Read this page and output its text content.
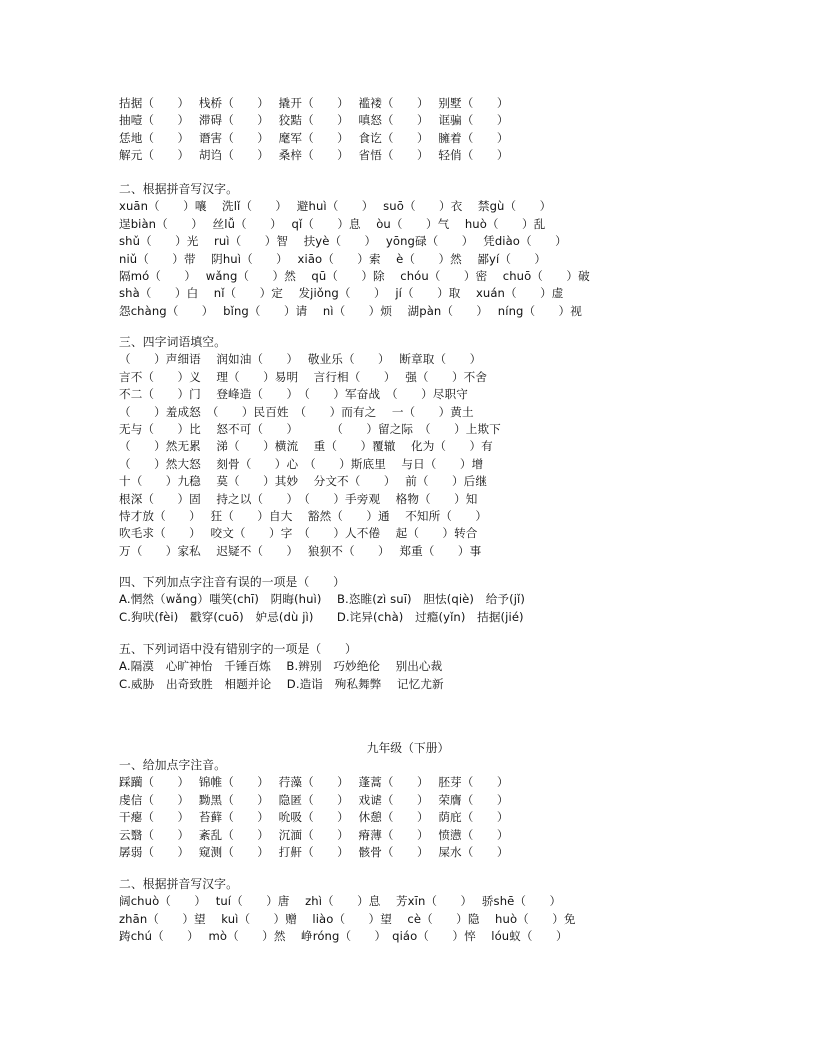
拮据（　　）　 栈桥（　　）　 撬开（　　）　 褴褛（　　）　 别墅（　　）
抽噎（　　）　 滞碍（　　）　 狡黠（　　）　 嗔怒（　　）　 诓骗（　　）
恁地（　　）　 谮害（　　）　 麾军（　　）　 食讫（　　）　 臃着（　　）
解元（　　）　 胡诌（　　）　 桑梓（　　）　 省悟（　　）　 轻俏（　　）
二、根据拼音写汉字。
xuān（　　）嚷　 洗lǐ（　　）　 避huì（　　）　 suō（　　）衣　 禁gù（　　）
逞biàn（　　）　 丝lǚ（　　）　 qǐ（　　）息　 òu（　　）气　 huò（　　）乱
shǔ（　　）光　 ruì（　　）智　 扶yè（　　）　 yōng碌（　　）　 凭diào（　　）
niǔ（　　）带　 阴huì（　　）　 xiāo（　　）索　 è（　　）然　 鄙yí（　　）
隔mó（　　）　 wǎng（　　）然　 qū（　　）除　 chóu（　　）密　 chuō（　　）破
shà（　　）白　 nǐ（　　）定　 发jiǒng（　　）　 jí（　　）取　 xuán（　　）虚
怨chàng（　　）　 bǐng（　　）请　 nì（　　）烦　 湖pàn（　　）　 níng（　　）视
三、四字词语填空。
（　　）声细语　 润如油（　　）　 敬业乐（　　）　 断章取（　　）
言不（　　）义　 理（　　）易明　 言行相（　　）　 强（　　）不舍
不二（　　）门　 登峰造（　　）　（　　）军奋战　（　　）尽职守
（　　）羞成怒　（　　）民百姓　（　　）而有之　 一（　　）黄土
无与（　　）比　 怒不可（　　）　　　 （　　）留之际　（　　）上欺下
（　　）然无累　 涕（　　）横流　 重（　　）覆辙　 化为（　　）有
（　　）然大怒　 刻骨（　　）心　（　　）斯底里　 与日（　　）增
十（　　）九稳　 莫（　　）其妙　 分文不（　　）　 前（　　）后继
根深（　　）固　 持之以（　　）　（　　）手旁观　 格物（　　）知
恃才放（　　）　 狂（　　）自大　 豁然（　　）通　 不知所（　　）
吹毛求（　　）　 咬文（　　）字　（　　）人不倦　 起（　　）转合
万（　　）家私　 迟疑不（　　）　 狼狈不（　　）　 郑重（　　）事
四、下列加点字注音有误的一项是（　　）
A.惘然（wǎng）嗤笑(chī)　阴晦(huì)　 B.恣睢(zì suī)　胆怯(qiè)　给予(jǐ)
C.狗吠(fèi)　戳穿(cuō)　妒忌(dù jì)　　D.诧异(chà)　过瘾(yǐn)　拮据(jié)
五、下列词语中没有错别字的一项是（　　）
A.隔漠　心旷神怡　千锤百炼　 B.辨别　巧妙绝伦　 别出心裁
C.威胁　出奇致胜　相题并论　 D.造诣　殉私舞弊　 记忆尤新
九年级（下册）
一、给加点字注音。
踩躏（　　）　 锦帷（　　）　 荇藻（　　）　 蓬蒿（　　）　 胚芽（　　）
虔信（　　）　 黝黑（　　）　 隐匿（　　）　 戏谑（　　）　 荣膺（　　）
干瘪（　　）　 苔藓（　　）　 吮吸（　　）　 休憩（　　）　 荫庇（　　）
云翳（　　）　 紊乱（　　）　 沉湎（　　）　 瘠薄（　　）　 愤懑（　　）
孱弱（　　）　 窥测（　　）　 打鼾（　　）　 骸骨（　　）　 屎水（　　）
二、根据拼音写汉字。
阔chuò（　　）　 tuí（　　）唐　 zhì（　　）息　 芳xīn（　　）　 骄shē（　　）
zhān（　　）望　 kuì（　　）赠　 liào（　　）望　 cè（　　）隐　 huò（　　）免
踌chú（　　）　 mò（　　）然　 峥róng（　　）　qiáo（　　）悴　 lóu蚁（　　）
